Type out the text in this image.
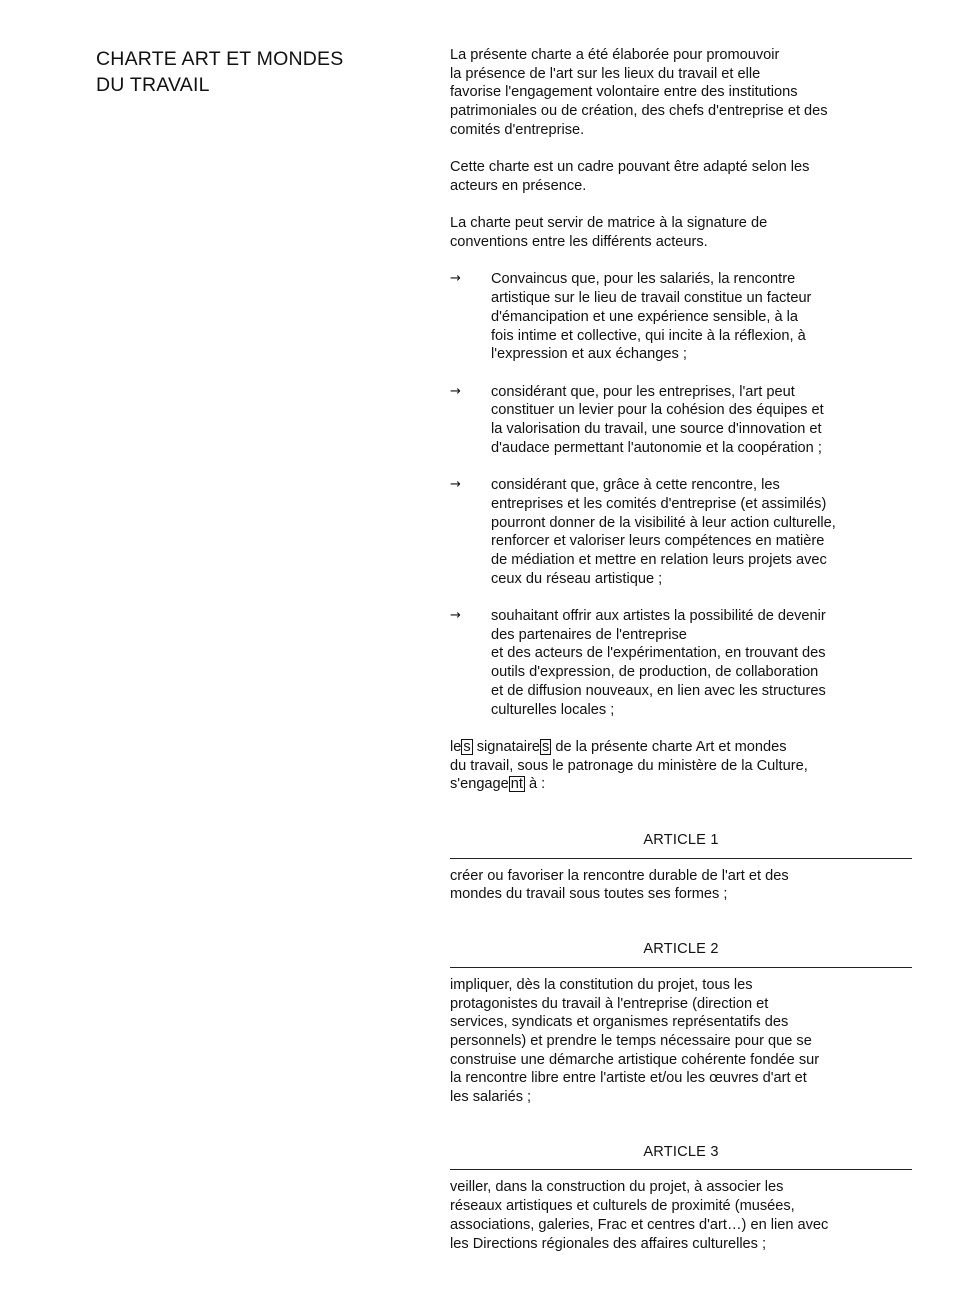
CHARTE ART ET MONDES
DU TRAVAIL

La présente charte a été élaborée pour promouvoir
la présence de l'art sur les lieux du travail et elle
favorise l'engagement volontaire entre des institutions
patrimoniales ou de création, des chefs d'entreprise et des
comités d'entreprise.

Cette charte est un cadre pouvant être adapté selon les
acteurs en présence.

La charte peut servir de matrice à la signature de
conventions entre les différents acteurs.

→	Convaincus que, pour les salariés, la rencontre
artistique sur le lieu de travail constitue un facteur
d'émancipation et une expérience sensible, à la
fois intime et collective, qui incite à la réflexion, à
l'expression et aux échanges ;
→	considérant que, pour les entreprises, l'art peut
constituer un levier pour la cohésion des équipes et
la valorisation du travail, une source d'innovation et
d'audace permettant l'autonomie et la coopération ;
→	considérant que, grâce à cette rencontre, les
entreprises et les comités d'entreprise (et assimilés)
pourront donner de la visibilité à leur action culturelle,
renforcer et valoriser leurs compétences en matière
de médiation et mettre en relation leurs projets avec
ceux du réseau artistique ;
→	souhaitant offrir aux artistes la possibilité de devenir
des partenaires de l'entreprise
et des acteurs de l'expérimentation, en trouvant des
outils d'expression, de production, de collaboration
et de diffusion nouveaux, en lien avec les structures
culturelles locales ;

le s signataire s de la présente charte Art et mondes
du travail, sous le patronage du ministère de la Culture,
s'engage nt à :

ARTICLE 1
créer ou favoriser la rencontre durable de l'art et des
mondes du travail sous toutes ses formes ;
ARTICLE 2
impliquer, dès la constitution du projet, tous les
protagonistes du travail à l'entreprise (direction et
services, syndicats et organismes représentatifs des
personnels) et prendre le temps nécessaire pour que se
construise une démarche artistique cohérente fondée sur
la rencontre libre entre l'artiste et/ou les œuvres d'art et
les salariés ;
ARTICLE 3
veiller, dans la construction du projet, à associer les
réseaux artistiques et culturels de proximité (musées,
associations, galeries, Frac et centres d'art…) en lien avec
les Directions régionales des affaires culturelles ;
